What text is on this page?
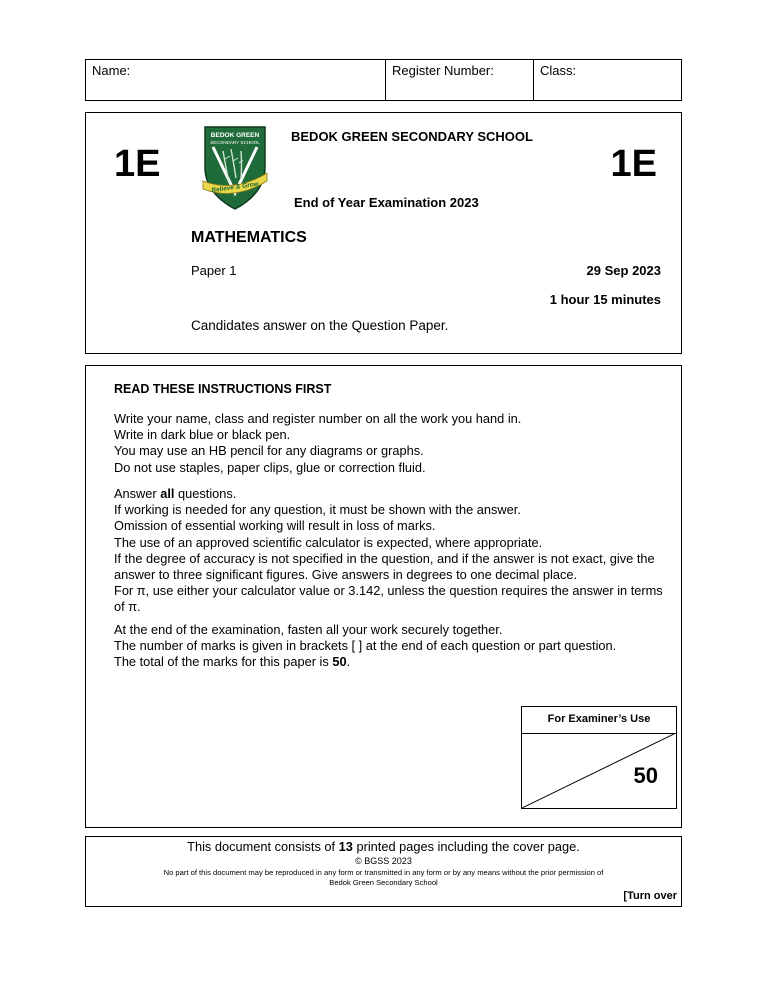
Name:	Register Number:	Class:
1E	1E
BEDOK GREEN
SECONDARY SCHOOL
Believe & Grow
BEDOK GREEN SECONDARY SCHOOL
End of Year Examination 2023
MATHEMATICS
Paper 1	29 Sep 2023
1 hour 15 minutes
Candidates answer on the Question Paper.
READ THESE INSTRUCTIONS FIRST

Write your name, class and register number on all the work you hand in.

Write in dark blue or black pen.

You may use an HB pencil for any diagrams or graphs.

Do not use staples, paper clips, glue or correction fluid.

Answer all questions.

If working is needed for any question, it must be shown with the answer.

Omission of essential working will result in loss of marks.

The use of an approved scientific calculator is expected, where appropriate.

If the degree of accuracy is not specified in the question, and if the answer is not exact, give the

answer to three significant figures. Give answers in degrees to one decimal place.

For π, use either your calculator value or 3.142, unless the question requires the answer in terms

of π.

At the end of the examination, fasten all your work securely together.

The number of marks is given in brackets [ ] at the end of each question or part question.

The total of the marks for this paper is 50.

For Examiner’s Use
50
This document consists of 13 printed pages including the cover page.
© BGSS 2023
No part of this document may be reproduced in any form or transmitted in any form or by any means without the prior permission of
Bedok Green Secondary School
[Turn over
